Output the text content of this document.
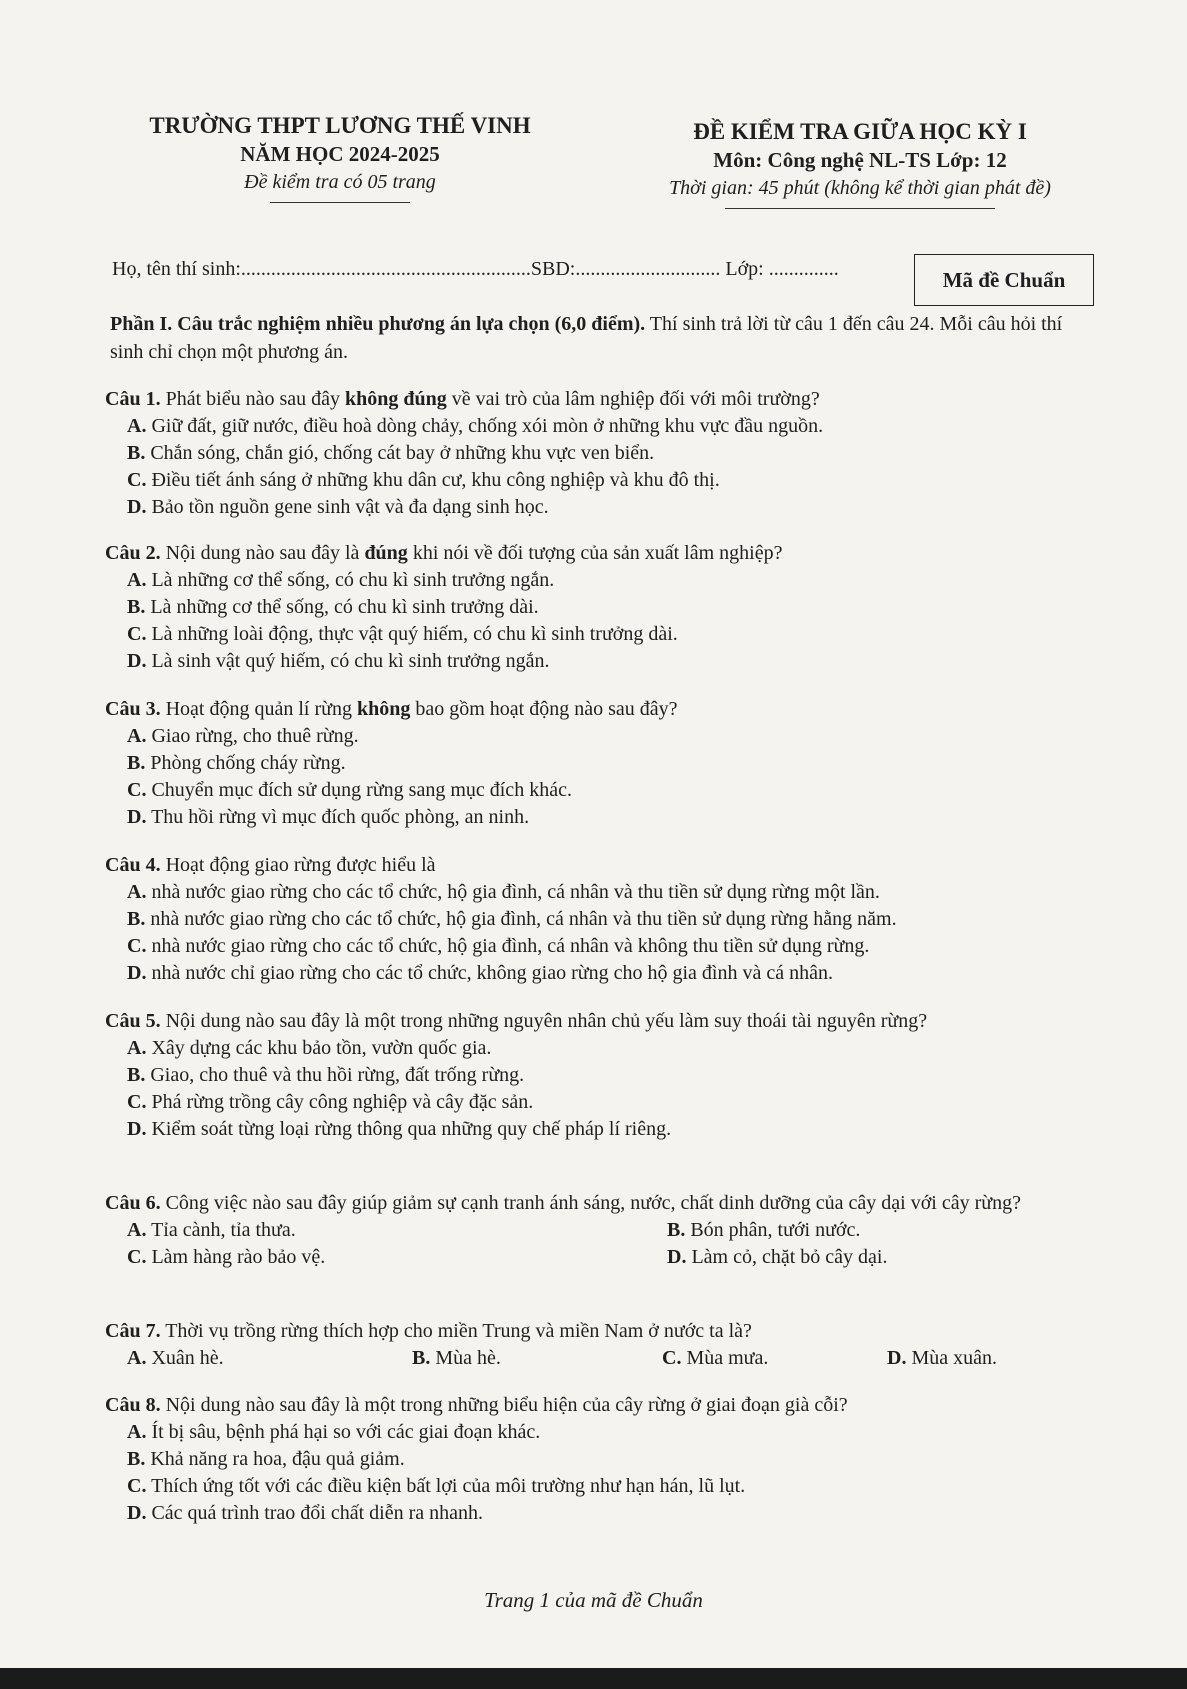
TRƯỜNG THPT LƯƠNG THẾ VINH
NĂM HỌC 2024-2025
Đề kiểm tra có 05 trang
ĐỀ KIỂM TRA GIỮA HỌC KỲ I
Môn: Công nghệ NL-TS Lớp: 12
Thời gian: 45 phút (không kể thời gian phát đề)
Họ, tên thí sinh:..........................................................SBD:............................. Lớp: ..............	Mã đề Chuẩn
Phần I. Câu trắc nghiệm nhiều phương án lựa chọn (6,0 điểm). Thí sinh trả lời từ câu 1 đến câu 24. Mỗi câu hỏi thí sinh chỉ chọn một phương án.
Câu 1. Phát biểu nào sau đây không đúng về vai trò của lâm nghiệp đối với môi trường?
A. Giữ đất, giữ nước, điều hoà dòng chảy, chống xói mòn ở những khu vực đầu nguồn.
B. Chắn sóng, chắn gió, chống cát bay ở những khu vực ven biển.
C. Điều tiết ánh sáng ở những khu dân cư, khu công nghiệp và khu đô thị.
D. Bảo tồn nguồn gene sinh vật và đa dạng sinh học.
Câu 2. Nội dung nào sau đây là đúng khi nói về đối tượng của sản xuất lâm nghiệp?
A. Là những cơ thể sống, có chu kì sinh trưởng ngắn.
B. Là những cơ thể sống, có chu kì sinh trưởng dài.
C. Là những loài động, thực vật quý hiếm, có chu kì sinh trưởng dài.
D. Là sinh vật quý hiếm, có chu kì sinh trưởng ngắn.
Câu 3. Hoạt động quản lí rừng không bao gồm hoạt động nào sau đây?
A. Giao rừng, cho thuê rừng.
B. Phòng chống cháy rừng.
C. Chuyển mục đích sử dụng rừng sang mục đích khác.
D. Thu hồi rừng vì mục đích quốc phòng, an ninh.
Câu 4. Hoạt động giao rừng được hiểu là
A. nhà nước giao rừng cho các tổ chức, hộ gia đình, cá nhân và thu tiền sử dụng rừng một lần.
B. nhà nước giao rừng cho các tổ chức, hộ gia đình, cá nhân và thu tiền sử dụng rừng hằng năm.
C. nhà nước giao rừng cho các tổ chức, hộ gia đình, cá nhân và không thu tiền sử dụng rừng.
D. nhà nước chỉ giao rừng cho các tổ chức, không giao rừng cho hộ gia đình và cá nhân.
Câu 5. Nội dung nào sau đây là một trong những nguyên nhân chủ yếu làm suy thoái tài nguyên rừng?
A. Xây dựng các khu bảo tồn, vườn quốc gia.
B. Giao, cho thuê và thu hồi rừng, đất trống rừng.
C. Phá rừng trồng cây công nghiệp và cây đặc sản.
D. Kiểm soát từng loại rừng thông qua những quy chế pháp lí riêng.
Câu 6. Công việc nào sau đây giúp giảm sự cạnh tranh ánh sáng, nước, chất dinh dưỡng của cây dại với cây rừng?
A. Tỉa cành, tỉa thưa.	B. Bón phân, tưới nước.
C. Làm hàng rào bảo vệ.	D. Làm cỏ, chặt bỏ cây dại.
Câu 7. Thời vụ trồng rừng thích hợp cho miền Trung và miền Nam ở nước ta là?
A. Xuân hè.	B. Mùa hè.	C. Mùa mưa.	D. Mùa xuân.
Câu 8. Nội dung nào sau đây là một trong những biểu hiện của cây rừng ở giai đoạn già cỗi?
A. Ít bị sâu, bệnh phá hại so với các giai đoạn khác.
B. Khả năng ra hoa, đậu quả giảm.
C. Thích ứng tốt với các điều kiện bất lợi của môi trường như hạn hán, lũ lụt.
D. Các quá trình trao đổi chất diễn ra nhanh.
Trang 1 của mã đề Chuẩn
